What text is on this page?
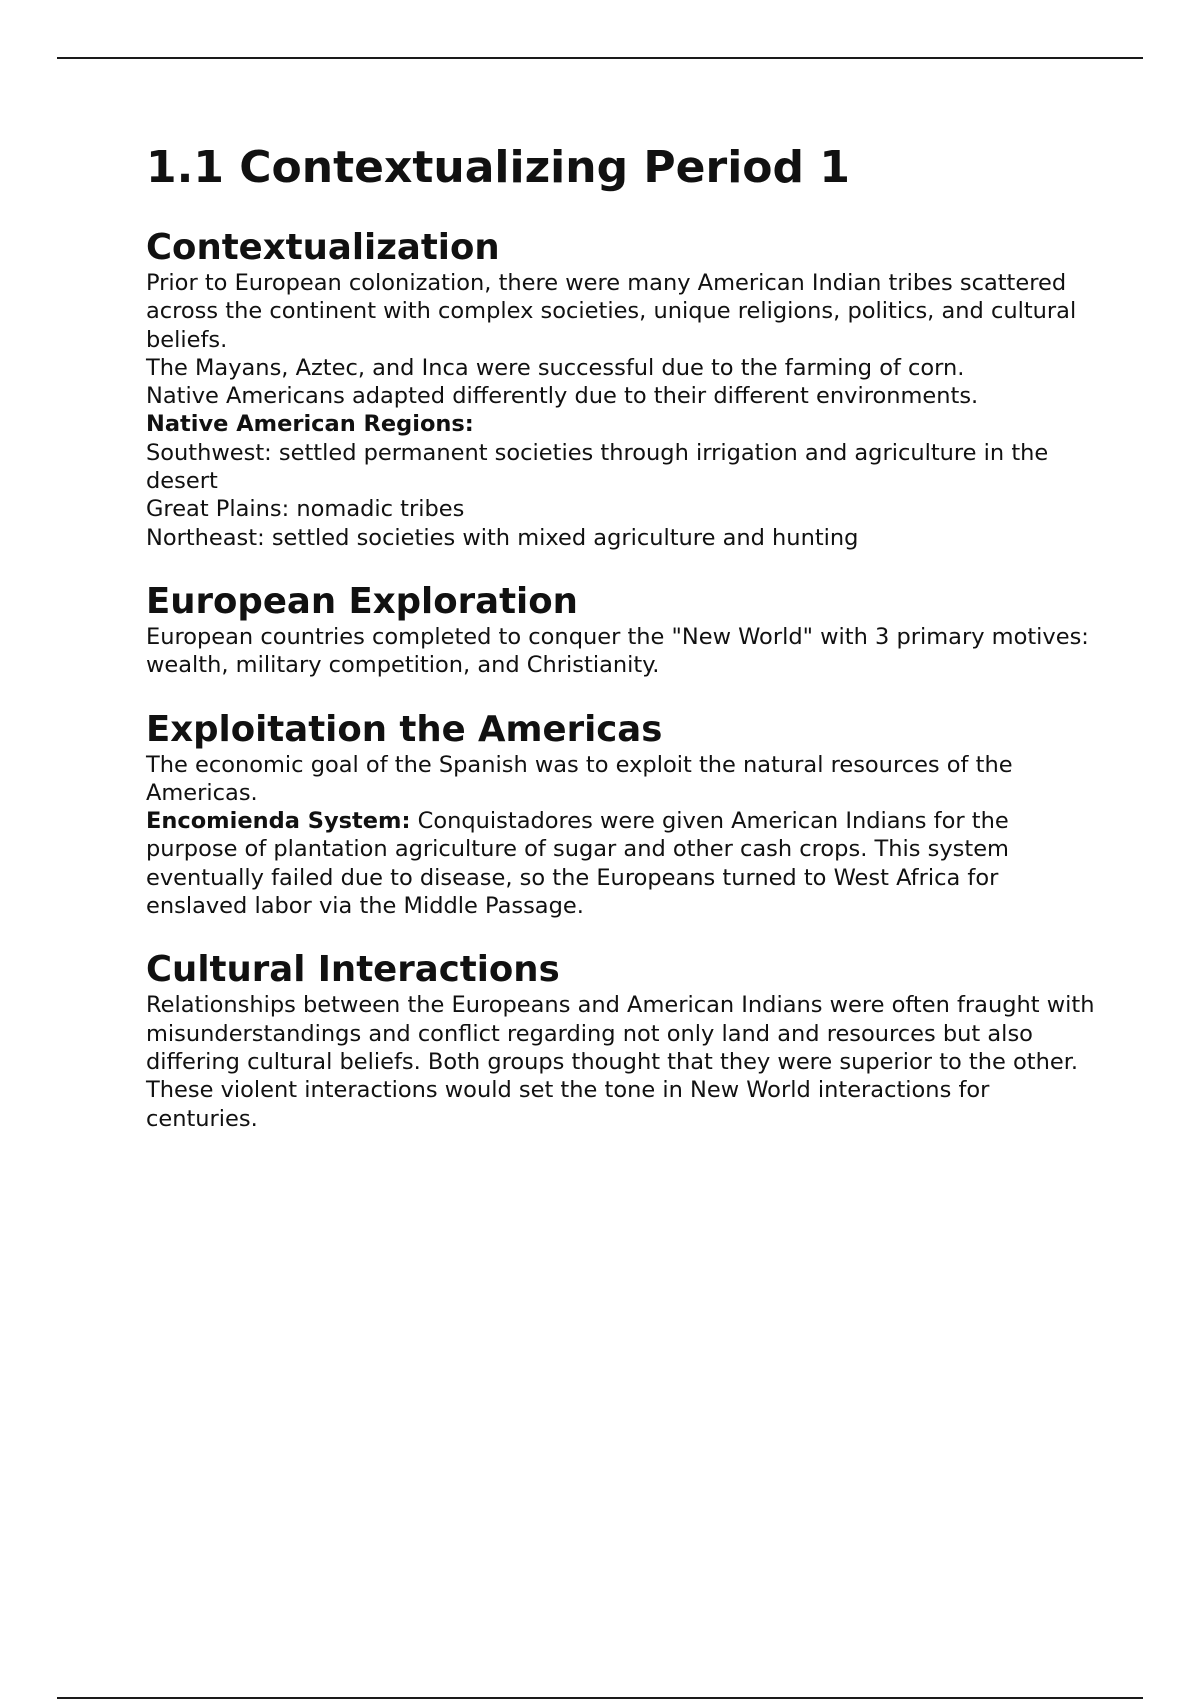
1.1 Contextualizing Period 1
Contextualization

Prior to European colonization, there were many American Indian tribes scattered across the continent with complex societies, unique religions, politics, and cultural beliefs.

The Mayans, Aztec, and Inca were successful due to the farming of corn.

Native Americans adapted differently due to their different environments.

Native American Regions:

Southwest: settled permanent societies through irrigation and agriculture in the desert

Great Plains: nomadic tribes

Northeast: settled societies with mixed agriculture and hunting

European Exploration

European countries completed to conquer the "New World" with 3 primary motives: wealth, military competition, and Christianity.

Exploitation the Americas

The economic goal of the Spanish was to exploit the natural resources of the Americas.

Encomienda System: Conquistadores were given American Indians for the purpose of plantation agriculture of sugar and other cash crops. This system eventually failed due to disease, so the Europeans turned to West Africa for enslaved labor via the Middle Passage.

Cultural Interactions

Relationships between the Europeans and American Indians were often fraught with misunderstandings and conflict regarding not only land and resources but also differing cultural beliefs. Both groups thought that they were superior to the other. These violent interactions would set the tone in New World interactions for centuries.
